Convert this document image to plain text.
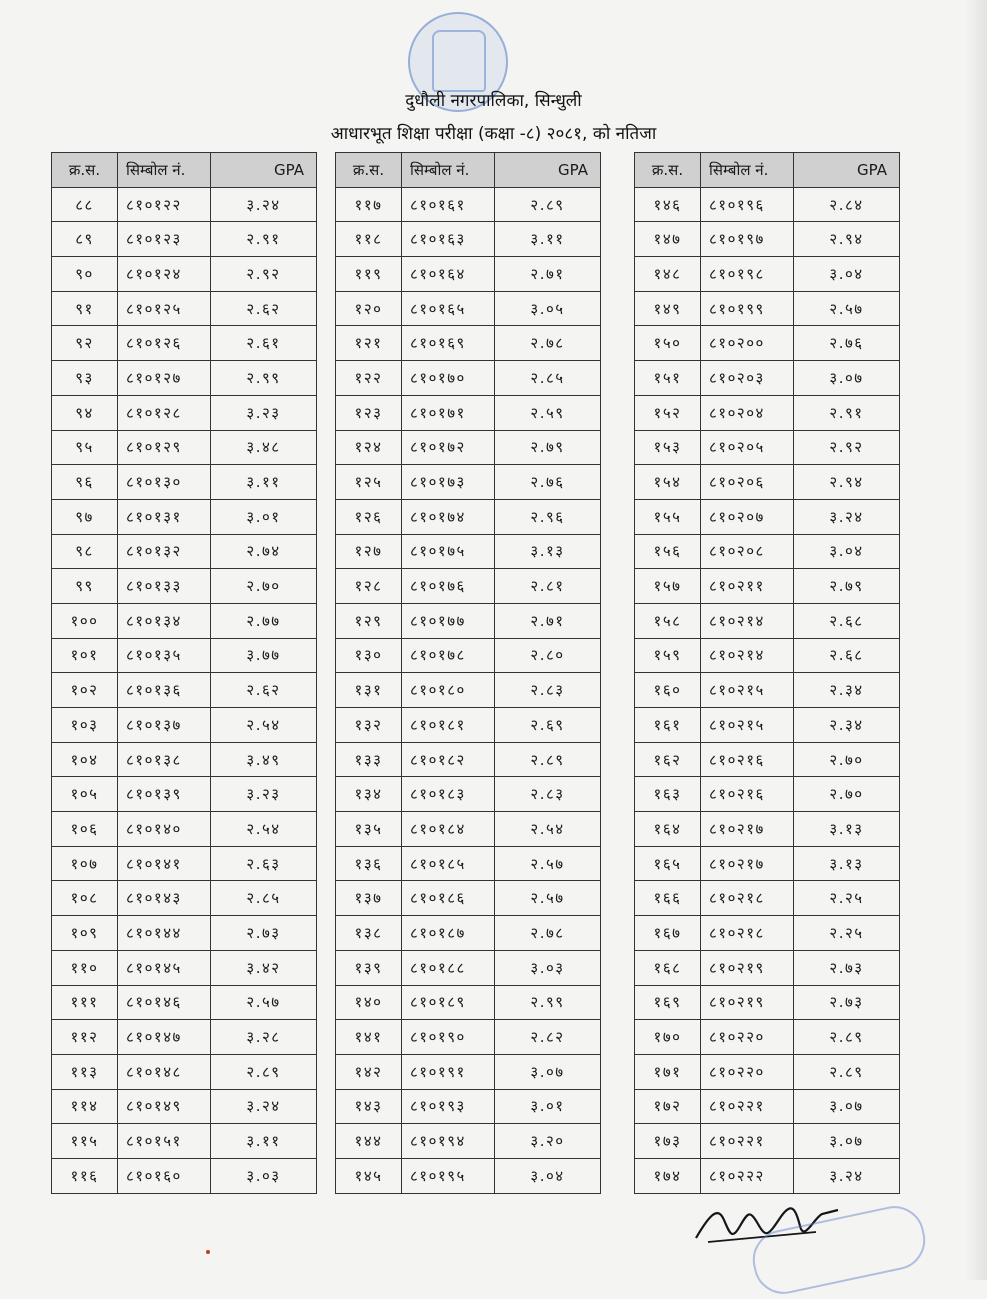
दुधौली नगरपालिका, सिन्धुली
आधारभूत शिक्षा परीक्षा (कक्षा -८) २०८१, को नतिजा
क्र.स.	सिम्बोल नं.	GPA
८८	८१०१२२	३.२४
८९	८१०१२३	२.९१
९०	८१०१२४	२.९२
९१	८१०१२५	२.६२
९२	८१०१२६	२.६१
९३	८१०१२७	२.९९
९४	८१०१२८	३.२३
९५	८१०१२९	३.४८
९६	८१०१३०	३.११
९७	८१०१३१	३.०१
९८	८१०१३२	२.७४
९९	८१०१३३	२.७०
१००	८१०१३४	२.७७
१०१	८१०१३५	३.७७
१०२	८१०१३६	२.६२
१०३	८१०१३७	२.५४
१०४	८१०१३८	३.४९
१०५	८१०१३९	३.२३
१०६	८१०१४०	२.५४
१०७	८१०१४१	२.६३
१०८	८१०१४३	२.८५
१०९	८१०१४४	२.७३
११०	८१०१४५	३.४२
१११	८१०१४६	२.५७
११२	८१०१४७	३.२८
११३	८१०१४८	२.८९
११४	८१०१४९	३.२४
११५	८१०१५१	३.११
११६	८१०१६०	३.०३
क्र.स.	सिम्बोल नं.	GPA
११७	८१०१६१	२.८९
११८	८१०१६३	३.११
११९	८१०१६४	२.७१
१२०	८१०१६५	३.०५
१२१	८१०१६९	२.७८
१२२	८१०१७०	२.८५
१२३	८१०१७१	२.५९
१२४	८१०१७२	२.७९
१२५	८१०१७३	२.७६
१२६	८१०१७४	२.९६
१२७	८१०१७५	३.१३
१२८	८१०१७६	२.८१
१२९	८१०१७७	२.७१
१३०	८१०१७८	२.८०
१३१	८१०१८०	२.८३
१३२	८१०१८१	२.६९
१३३	८१०१८२	२.८९
१३४	८१०१८३	२.८३
१३५	८१०१८४	२.५४
१३६	८१०१८५	२.५७
१३७	८१०१८६	२.५७
१३८	८१०१८७	२.७८
१३९	८१०१८८	३.०३
१४०	८१०१८९	२.९९
१४१	८१०१९०	२.८२
१४२	८१०१९१	३.०७
१४३	८१०१९३	३.०१
१४४	८१०१९४	३.२०
१४५	८१०१९५	३.०४
क्र.स.	सिम्बोल नं.	GPA
१४६	८१०१९६	२.८४
१४७	८१०१९७	२.९४
१४८	८१०१९८	३.०४
१४९	८१०१९९	२.५७
१५०	८१०२००	२.७६
१५१	८१०२०३	३.०७
१५२	८१०२०४	२.९१
१५३	८१०२०५	२.९२
१५४	८१०२०६	२.९४
१५५	८१०२०७	३.२४
१५६	८१०२०८	३.०४
१५७	८१०२११	२.७९
१५८	८१०२१४	२.६८
१५९	८१०२१४	२.६८
१६०	८१०२१५	२.३४
१६१	८१०२१५	२.३४
१६२	८१०२१६	२.७०
१६३	८१०२१६	२.७०
१६४	८१०२१७	३.१३
१६५	८१०२१७	३.१३
१६६	८१०२१८	२.२५
१६७	८१०२१८	२.२५
१६८	८१०२१९	२.७३
१६९	८१०२१९	२.७३
१७०	८१०२२०	२.८९
१७१	८१०२२०	२.८९
१७२	८१०२२१	३.०७
१७३	८१०२२१	३.०७
१७४	८१०२२२	३.२४
